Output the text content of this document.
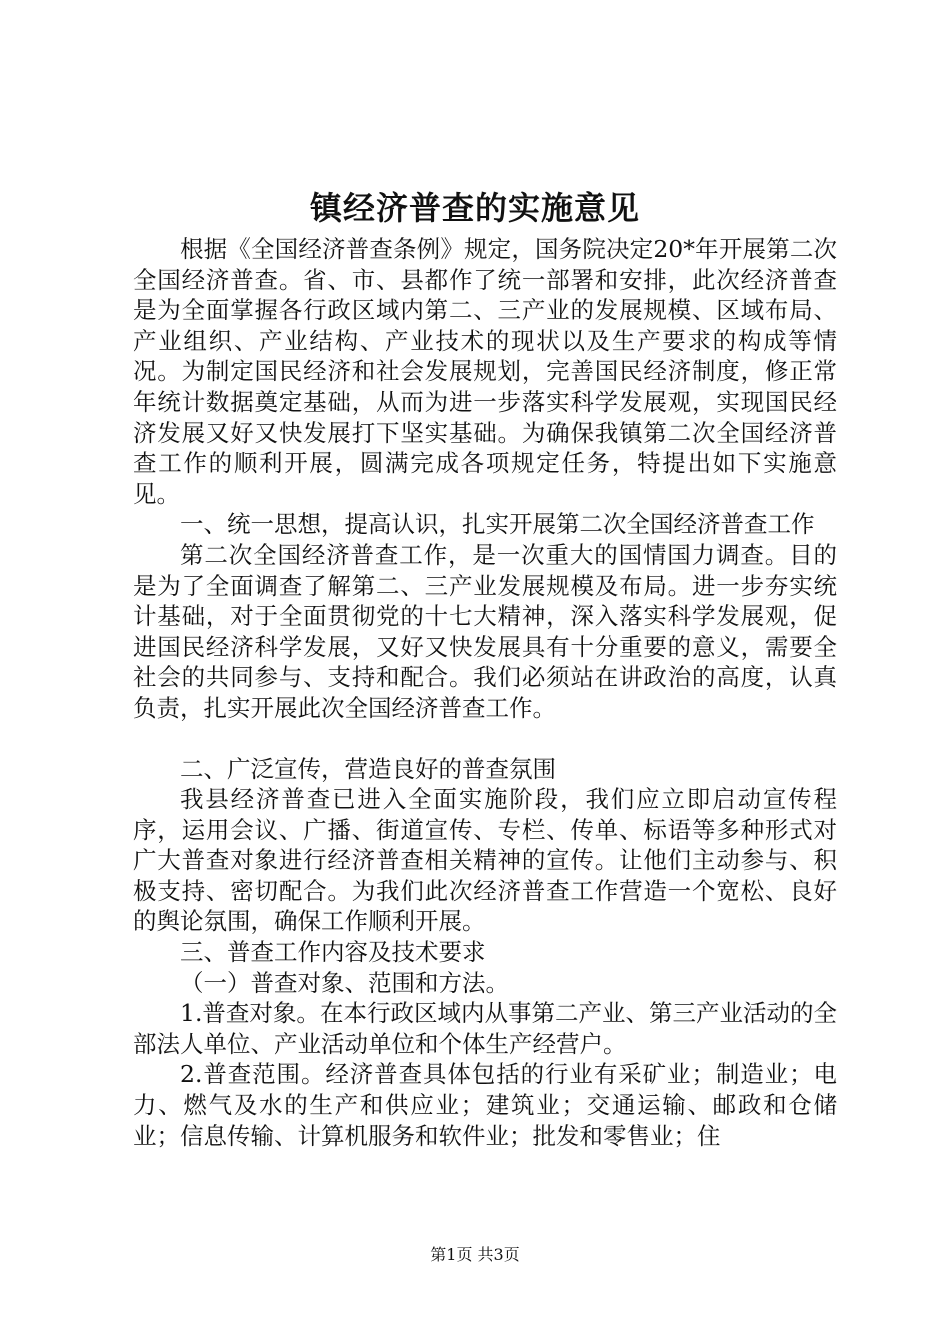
镇经济普查的实施意见

根据《全国经济普查条例》规定，国务院决定20*年开展第二次全国经济普查。省、市、县都作了统一部署和安排，此次经济普查是为全面掌握各行政区域内第二、三产业的发展规模、区域布局、产业组织、产业结构、产业技术的现状以及生产要求的构成等情况。为制定国民经济和社会发展规划，完善国民经济制度，修正常年统计数据奠定基础，从而为进一步落实科学发展观，实现国民经济发展又好又快发展打下坚实基础。为确保我镇第二次全国经济普查工作的顺利开展，圆满完成各项规定任务，特提出如下实施意见。

一、统一思想，提高认识，扎实开展第二次全国经济普查工作

第二次全国经济普查工作，是一次重大的国情国力调查。目的是为了全面调查了解第二、三产业发展规模及布局。进一步夯实统计基础，对于全面贯彻党的十七大精神，深入落实科学发展观，促进国民经济科学发展，又好又快发展具有十分重要的意义，需要全社会的共同参与、支持和配合。我们必须站在讲政治的高度，认真负责，扎实开展此次全国经济普查工作。

二、广泛宣传，营造良好的普查氛围

我县经济普查已进入全面实施阶段，我们应立即启动宣传程序，运用会议、广播、街道宣传、专栏、传单、标语等多种形式对广大普查对象进行经济普查相关精神的宣传。让他们主动参与、积极支持、密切配合。为我们此次经济普查工作营造一个宽松、良好的舆论氛围，确保工作顺利开展。

三、普查工作内容及技术要求

（一）普查对象、范围和方法。

1.普查对象。在本行政区域内从事第二产业、第三产业活动的全部法人单位、产业活动单位和个体生产经营户。

2.普查范围。经济普查具体包括的行业有采矿业；制造业；电力、燃气及水的生产和供应业；建筑业；交通运输、邮政和仓储业；信息传输、计算机服务和软件业；批发和零售业；住

第1页 共3页
